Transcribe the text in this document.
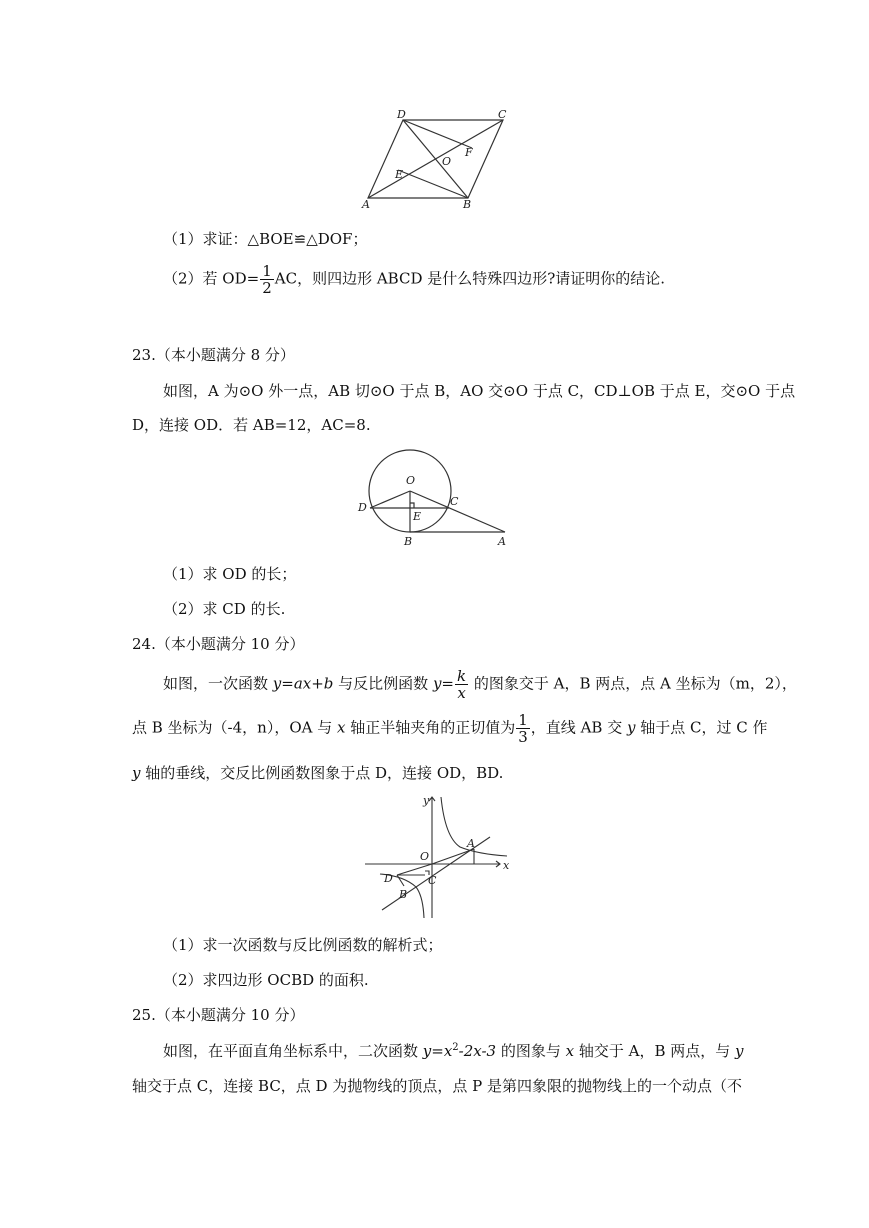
D	C
A	B
E
O
F
（1）求证：△BOE≌△DOF；
（2）若 $OD= \frac{1}{2}$ AC，则四边形 ABCD 是什么特殊四边形?请证明你的结论.
23.（本小题满分 8 分）
如图，A 为⊙O 外一点，AB 切⊙O 于点 B，AO 交⊙O 于点 C，CD⊥OB 于点 E，交⊙O 于点
D，连接 OD．若 AB=12，AC=8.
O
D	C
E
B	A
（1）求 OD 的长；
（2）求 CD 的长.
24.（本小题满分 10 分）
如图，一次函数 y=ax+b 与反比例函数 $y= \frac{k}{x}$ 的图象交于 A，B 两点，点 A 坐标为（m，2），
点 B 坐标为（-4，n），OA 与 x 轴正半轴夹角的正切值为 $\frac{1}{3}$ ，直线 AB 交 y 轴于点 C，过 C 作
y 轴的垂线，交反比例函数图象于点 D，连接 OD，BD.
y
x
O
A
D	C
B
（1）求一次函数与反比例函数的解析式；
（2）求四边形 OCBD 的面积.
25.（本小题满分 10 分）
如图，在平面直角坐标系中，二次函数 $y=x^2-2x-3$ 的图象与 x 轴交于 A，B 两点，与 y
轴交于点 C，连接 BC，点 D 为抛物线的顶点，点 P 是第四象限的抛物线上的一个动点（不
